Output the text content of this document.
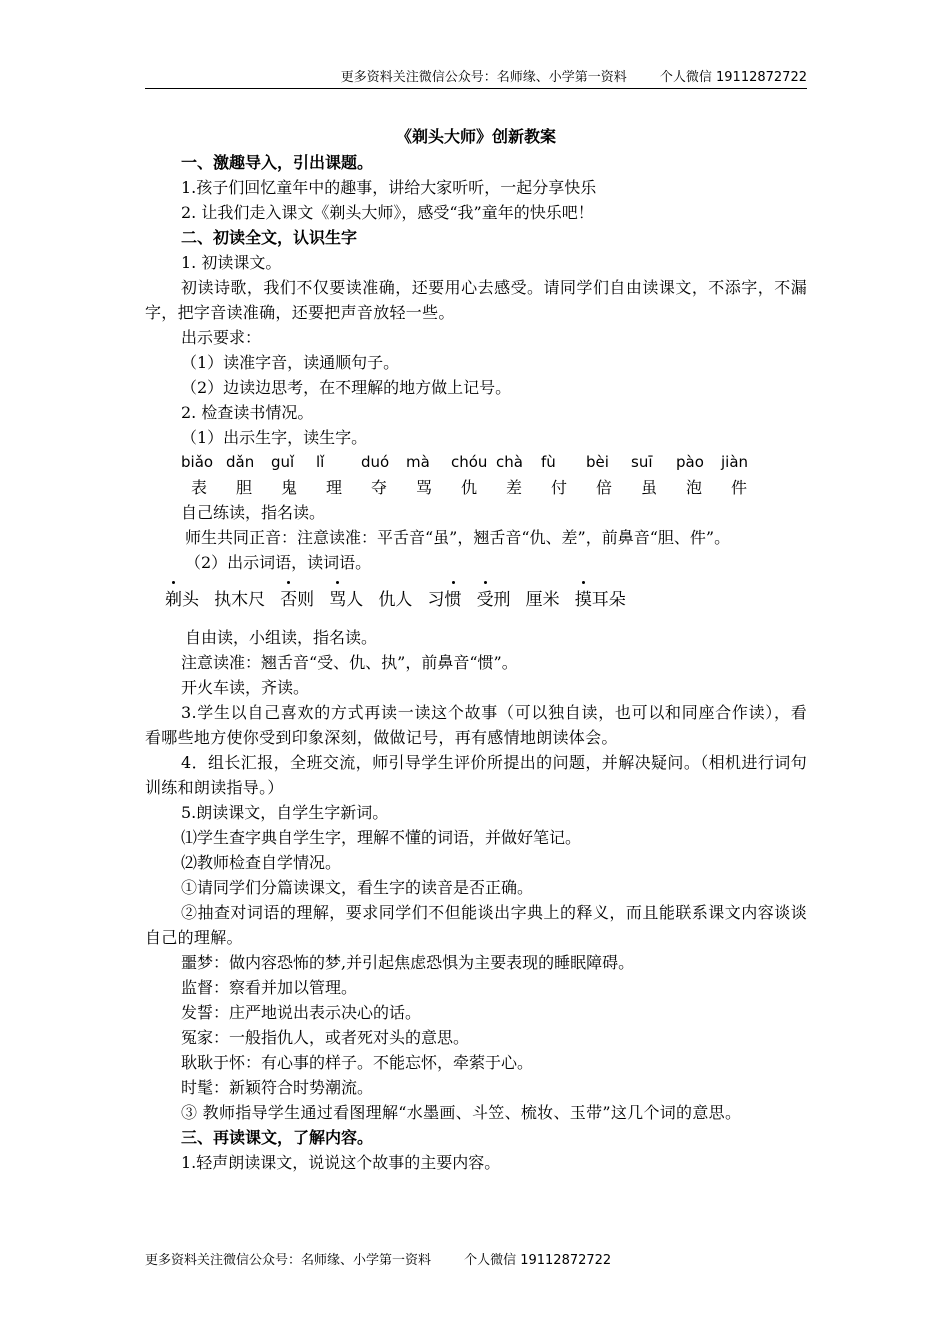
更多资料关注微信公众号：名师缘、小学第一资料	个人微信 19112872722
《剃头大师》创新教案
一、激趣导入，引出课题。
1.孩子们回忆童年中的趣事，讲给大家听听，一起分享快乐
2. 让我们走入课文《剃头大师》，感受“我”童年的快乐吧！
二、初读全文，认识生字
1. 初读课文。
初读诗歌，我们不仅要读准确，还要用心去感受。请同学们自由读课文，不添字，不漏字，把字音读准确，还要把声音放轻一些。
出示要求：
（1）读准字音，读通顺句子。
（2）边读边思考，在不理解的地方做上记号。
2. 检查读书情况。
（1）出示生字，读生字。
biǎo dǎn	guǐ	lǐ	duó	mà	chóu chà	fù	bèi	suī	pào	jiàn
表	胆	鬼	理	夺	骂	仇	差	付	倍	虽	泡	件
自己练读，指名读。
师生共同正音：注意读准：平舌音“虽”，翘舌音“仇、差”，前鼻音“胆、件”。
（2）出示词语，读词语。
剃头 执木尺 否则 骂人 仇人 习惯 受刑 厘米 摸耳朵
自由读，小组读，指名读。
注意读准：翘舌音“受、仇、执”，前鼻音“惯”。
开火车读，齐读。
3.学生以自己喜欢的方式再读一读这个故事（可以独自读，也可以和同座合作读），看看哪些地方使你受到印象深刻，做做记号，再有感情地朗读体会。
4．组长汇报，全班交流，师引导学生评价所提出的问题，并解决疑问。（相机进行词句训练和朗读指导。）
5.朗读课文，自学生字新词。
⑴学生查字典自学生字，理解不懂的词语，并做好笔记。
⑵教师检查自学情况。
①请同学们分篇读课文，看生字的读音是否正确。
②抽查对词语的理解，要求同学们不但能谈出字典上的释义，而且能联系课文内容谈谈自己的理解。
噩梦：做内容恐怖的梦,并引起焦虑恐惧为主要表现的睡眠障碍。
监督：察看并加以管理。
发誓：庄严地说出表示决心的话。
冤家：一般指仇人，或者死对头的意思。
耿耿于怀：有心事的样子。不能忘怀，牵萦于心。
时髦：新颖符合时势潮流。
③ 教师指导学生通过看图理解“水墨画、斗笠、梳妆、玉带”这几个词的意思。
三、再读课文，了解内容。
1.轻声朗读课文，说说这个故事的主要内容。
更多资料关注微信公众号：名师缘、小学第一资料	个人微信 19112872722
